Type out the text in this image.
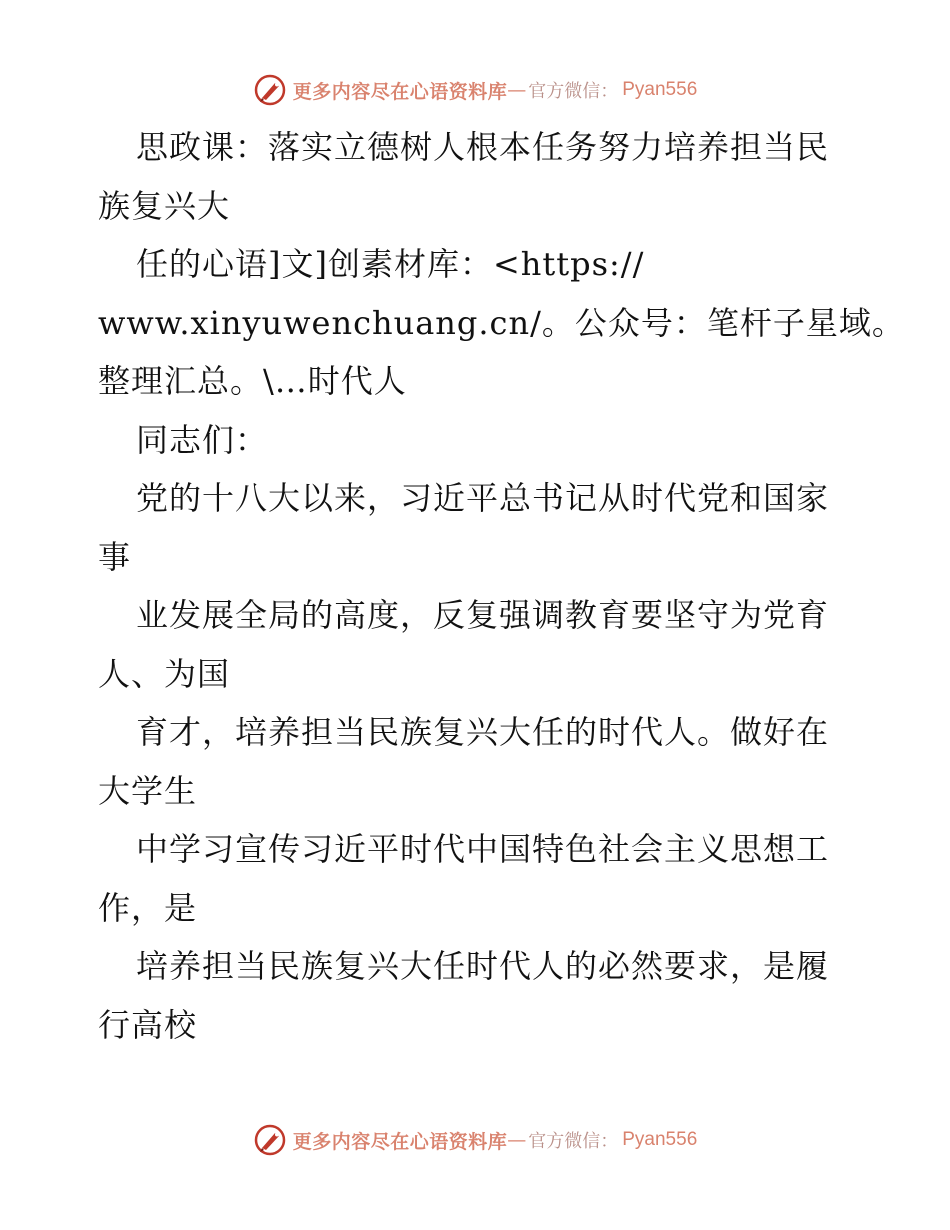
更多内容尽在心语资料库 — 官方微信： Pyan556
思政课：落实立德树人根本任务努力培养担当民
族复兴大
任的心语]文]创素材库：<https://
www.xinyuwenchuang.cn/。公众号：笔杆子星域。
整理汇总。\…时代人
同志们：
党的十八大以来，习近平总书记从时代党和国家
事
业发展全局的高度，反复强调教育要坚守为党育
人、为国
育才，培养担当民族复兴大任的时代人。做好在
大学生
中学习宣传习近平时代中国特色社会主义思想工
作，是
培养担当民族复兴大任时代人的必然要求，是履
行高校
更多内容尽在心语资料库 — 官方微信： Pyan556
